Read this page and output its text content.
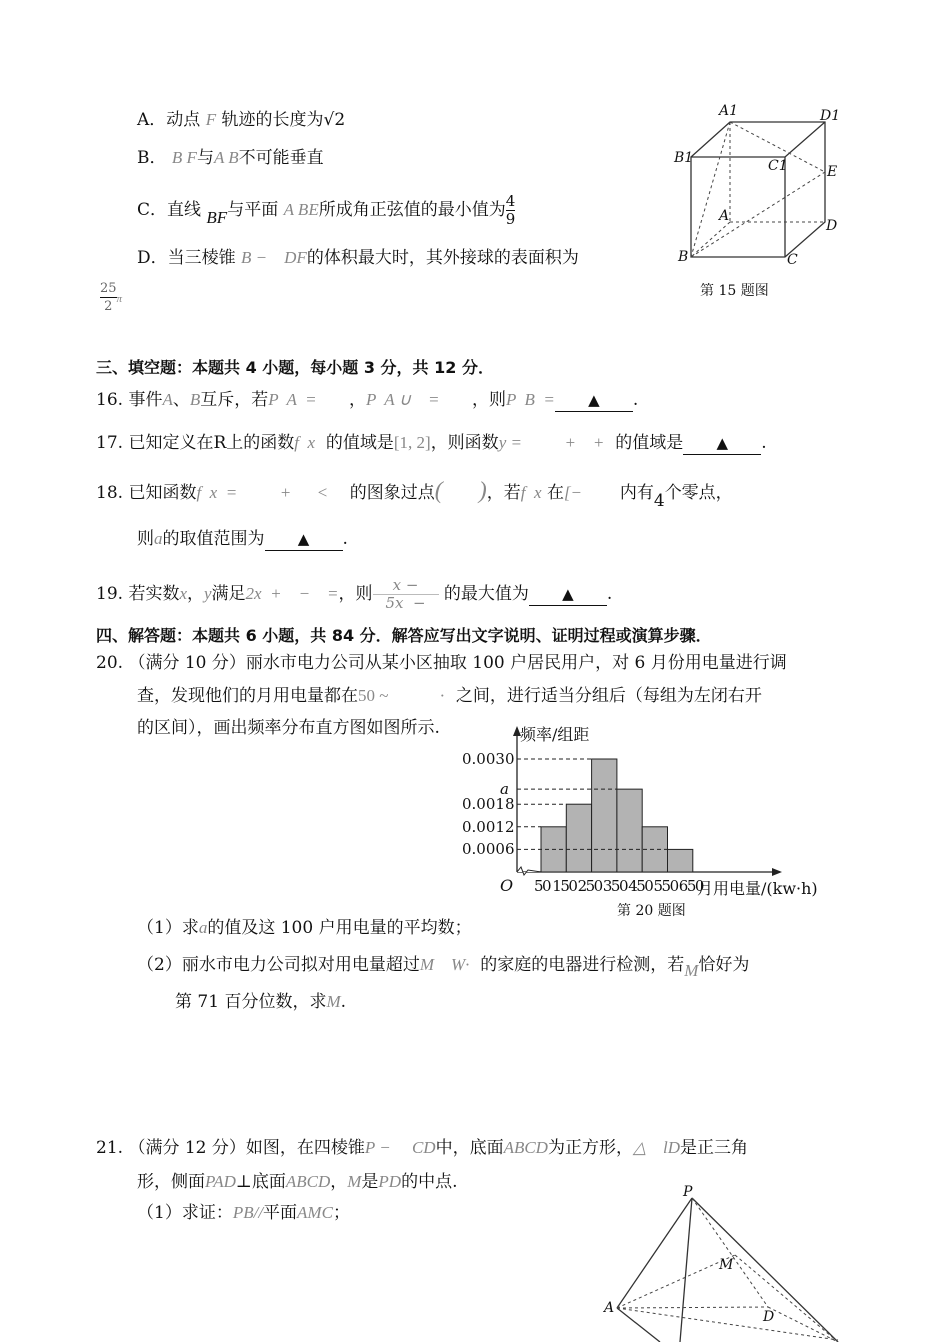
A．动点 F 轨迹的长度为√2
B． B F与A B不可能垂直
C．直线 BF与平面 A BE所成角正弦值的最小值为 $\frac{4}{9}$
D．当三棱锥 B −    DF的体积最大时，其外接球的表面积为
$\frac{25}{2}$ π
A1	D1
B1	C1	E
A
D
B	C
第 15 题图
三、填空题：本题共 4 小题，每小题 3 分，共 12 分．
16. 事件A、B互斥，若P  A  = ，P  A ∪    = ，则P  B  = ▲ .
17. 已知定义在R上的函数f  x 的值域是[1, 2]，则函数y =          +    + 的值域是 ▲ .
18. 已知函数f  x  =          +      < 的图象过点(      )，若f  x 在[− 内有4个零点，
则a的取值范围为 ▲ .
19. 若实数x，y满足2x  +    −    =，则 $\frac{x -}{5x -}$ 的最大值为 ▲ .
四、解答题：本题共 6 小题，共 84 分．解答应写出文字说明、证明过程或演算步骤．
20. （满分 10 分）丽水市电力公司从某小区抽取 100 户居民用户，对 6 月份用电量进行调
查，发现他们的月用电量都在50 ~            · 之间，进行适当分组后（每组为左闭右开
的区间），画出频率分布直方图如图所示.	频率/组距
0.0030
a
0.0018
0.0012
0.0006
O 50 150 250 350 450 550 650
月用电量/(kw·h)
第 20 题图
（1）求a的值及这 100 户用电量的平均数；
（2）丽水市电力公司拟对用电量超过M    W· 的家庭的电器进行检测，若M恰好为
第 71 百分位数，求M.
21. （满分 12 分）如图，在四棱锥P −     CD中，底面ABCD为正方形，△    lD是正三角
形，侧面PAD⊥底面ABCD，M是PD的中点.
（1）求证：PB//平面AMC；
P
M
A
D
